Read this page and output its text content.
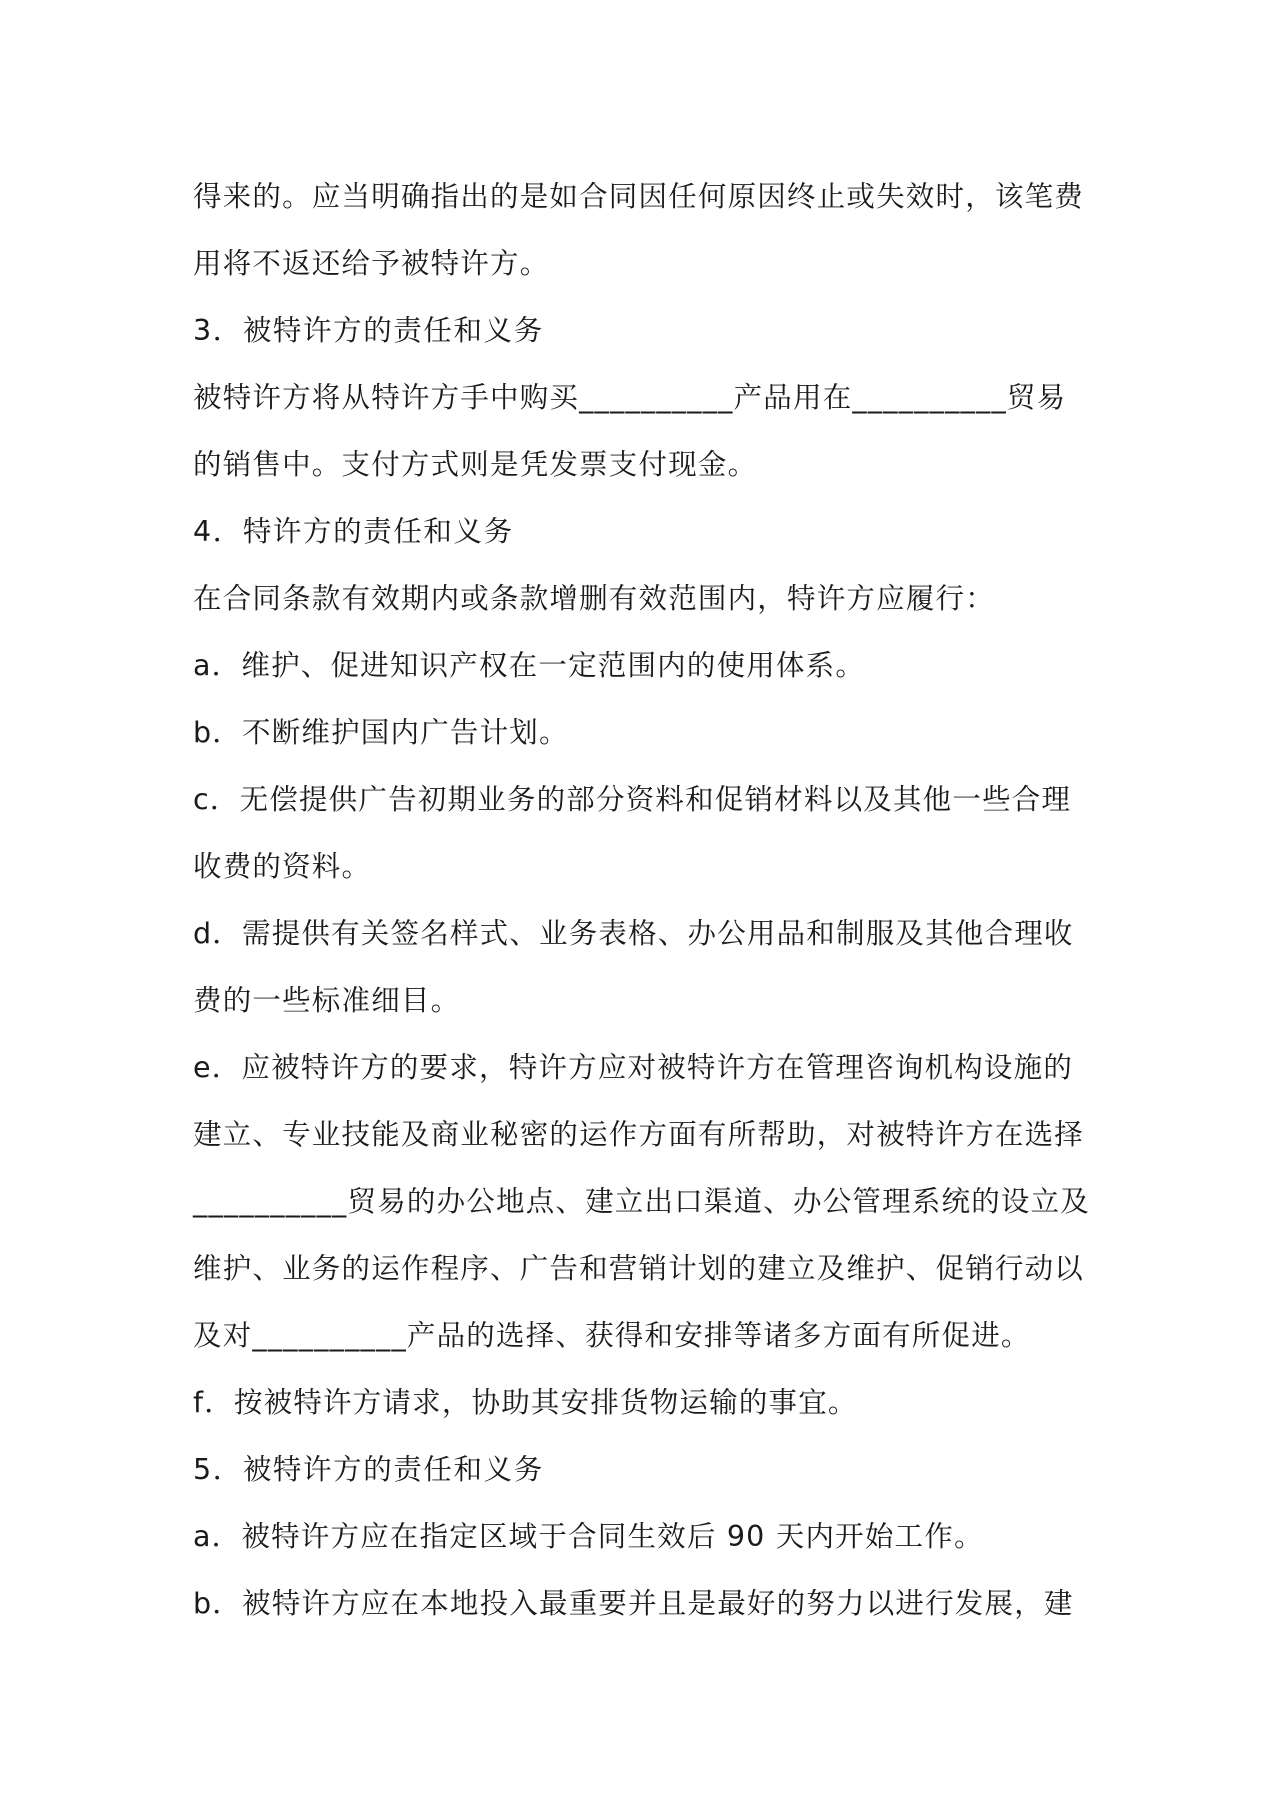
得来的。应当明确指出的是如合同因任何原因终止或失效时，该笔费
用将不返还给予被特许方。
3．被特许方的责任和义务
被特许方将从特许方手中购买__________产品用在__________贸易
的销售中。支付方式则是凭发票支付现金。
4．特许方的责任和义务
在合同条款有效期内或条款增删有效范围内，特许方应履行：
a．维护、促进知识产权在一定范围内的使用体系。
b．不断维护国内广告计划。
c．无偿提供广告初期业务的部分资料和促销材料以及其他一些合理
收费的资料。
d．需提供有关签名样式、业务表格、办公用品和制服及其他合理收
费的一些标准细目。
e．应被特许方的要求，特许方应对被特许方在管理咨询机构设施的
建立、专业技能及商业秘密的运作方面有所帮助，对被特许方在选择
__________贸易的办公地点、建立出口渠道、办公管理系统的设立及
维护、业务的运作程序、广告和营销计划的建立及维护、促销行动以
及对__________产品的选择、获得和安排等诸多方面有所促进。
f．按被特许方请求，协助其安排货物运输的事宜。
5．被特许方的责任和义务
a．被特许方应在指定区域于合同生效后 90 天内开始工作。
b．被特许方应在本地投入最重要并且是最好的努力以进行发展，建
